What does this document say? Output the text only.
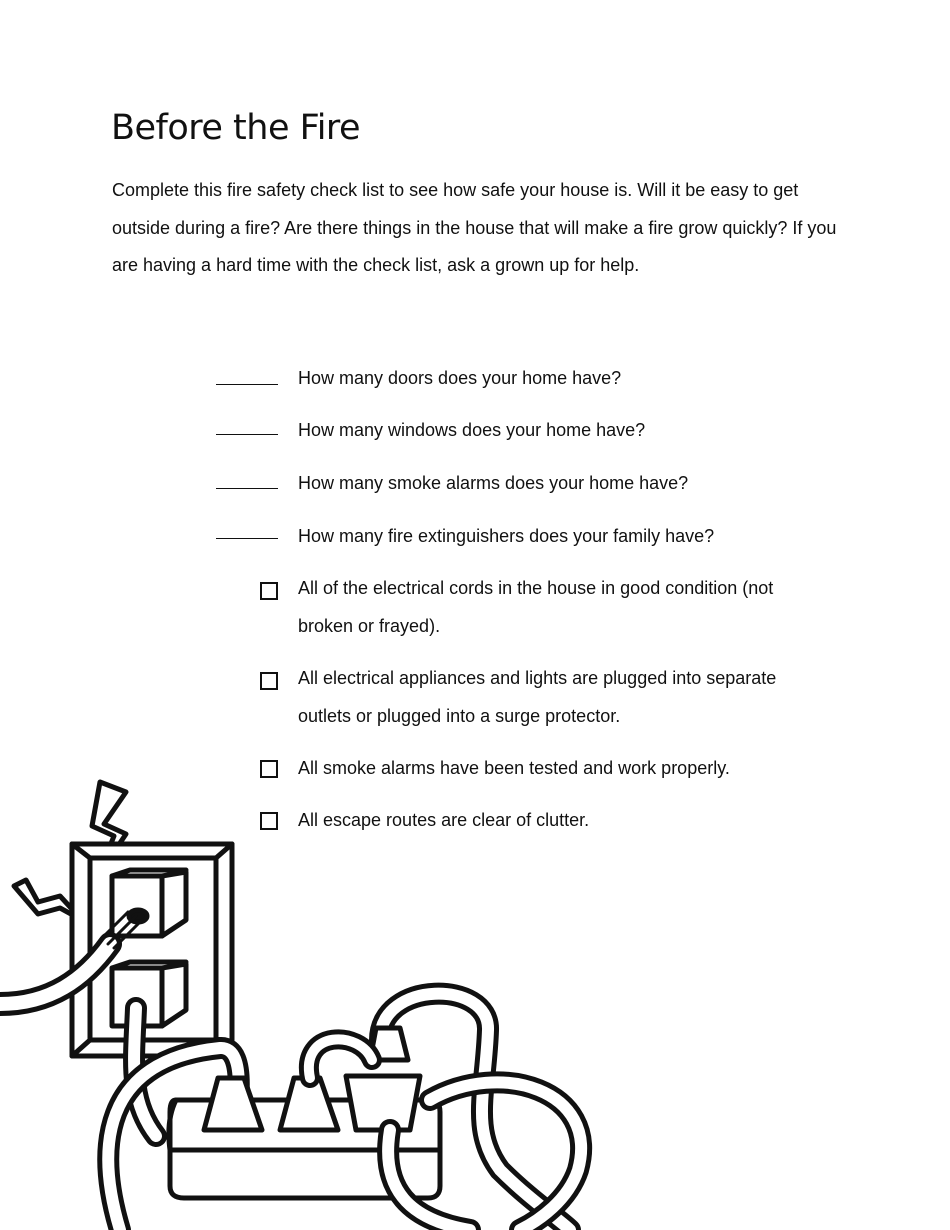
Before the Fire

Complete this fire safety check list to see how safe your house is. Will it be easy to get outside during a fire? Are there things in the house that will make a fire grow quickly? If you are having a hard time with the check list, ask a grown up for help.

How many doors does your home have?
How many windows does your home have?
How many smoke alarms does your home have?
How many fire extinguishers does your family have?
All of the electrical cords in the house in good condition (not broken or frayed).
All electrical appliances and lights are plugged into separate outlets or plugged into a surge protector.
All smoke alarms have been tested and work properly.
All escape routes are clear of clutter.
